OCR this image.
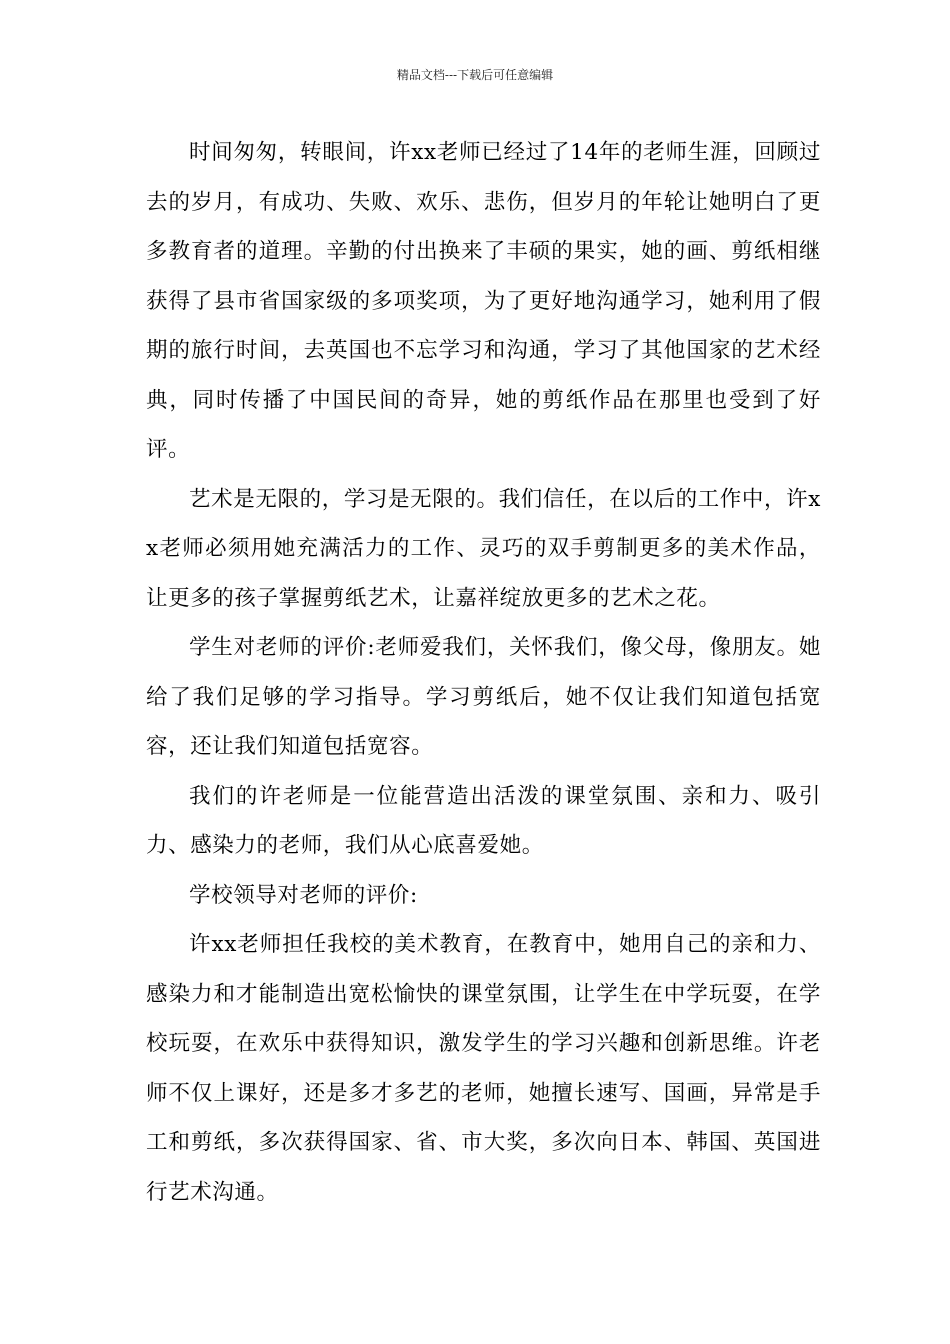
精品文档---下载后可任意编辑

时间匆匆，转眼间，许xx老师已经过了14年的老师生涯，回顾过去的岁月，有成功、失败、欢乐、悲伤，但岁月的年轮让她明白了更多教育者的道理。辛勤的付出换来了丰硕的果实，她的画、剪纸相继获得了县市省国家级的多项奖项，为了更好地沟通学习，她利用了假期的旅行时间，去英国也不忘学习和沟通，学习了其他国家的艺术经典，同时传播了中国民间的奇异，她的剪纸作品在那里也受到了好评。

艺术是无限的，学习是无限的。我们信任，在以后的工作中，许xx老师必须用她充满活力的工作、灵巧的双手剪制更多的美术作品，让更多的孩子掌握剪纸艺术，让嘉祥绽放更多的艺术之花。

学生对老师的评价:老师爱我们，关怀我们，像父母，像朋友。她给了我们足够的学习指导。学习剪纸后，她不仅让我们知道包括宽容，还让我们知道包括宽容。

我们的许老师是一位能营造出活泼的课堂氛围、亲和力、吸引力、感染力的老师，我们从心底喜爱她。

学校领导对老师的评价:

许xx老师担任我校的美术教育，在教育中，她用自己的亲和力、感染力和才能制造出宽松愉快的课堂氛围，让学生在中学玩耍，在学校玩耍，在欢乐中获得知识，激发学生的学习兴趣和创新思维。许老师不仅上课好，还是多才多艺的老师，她擅长速写、国画，异常是手工和剪纸，多次获得国家、省、市大奖，多次向日本、韩国、英国进行艺术沟通。
